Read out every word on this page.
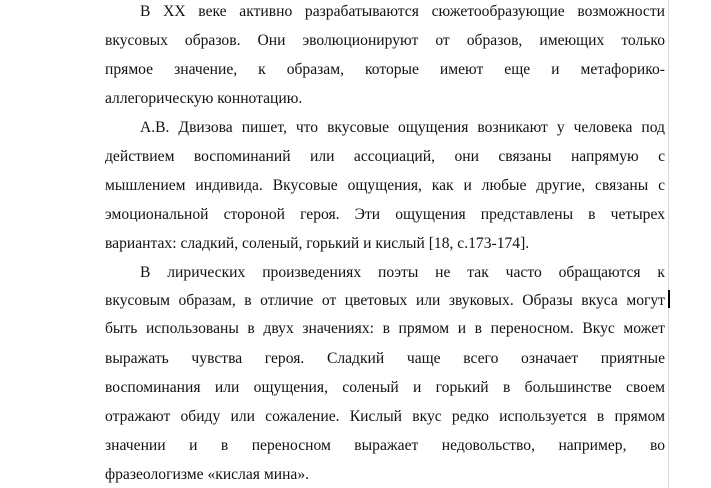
В XX веке активно разрабатываются сюжетообразующие возможности
вкусовых образов. Они эволюционируют от образов, имеющих только
прямое значение, к образам, которые имеют еще и метафорико-
аллегорическую коннотацию.
А.В. Двизова пишет, что вкусовые ощущения возникают у человека под
действием воспоминаний или ассоциаций, они связаны напрямую с
мышлением индивида. Вкусовые ощущения, как и любые другие, связаны с
эмоциональной стороной героя. Эти ощущения представлены в четырех
вариантах: сладкий, соленый, горький и кислый [18, с.173-174].
В лирических произведениях поэты не так часто обращаются к
вкусовым образам, в отличие от цветовых или звуковых. Образы вкуса могут
быть использованы в двух значениях: в прямом и в переносном. Вкус может
выражать чувства героя. Сладкий чаще всего означает приятные
воспоминания или ощущения, соленый и горький в большинстве своем
отражают обиду или сожаление. Кислый вкус редко используется в прямом
значении и в переносном выражает недовольство, например, во
фразеологизме «кислая мина».
